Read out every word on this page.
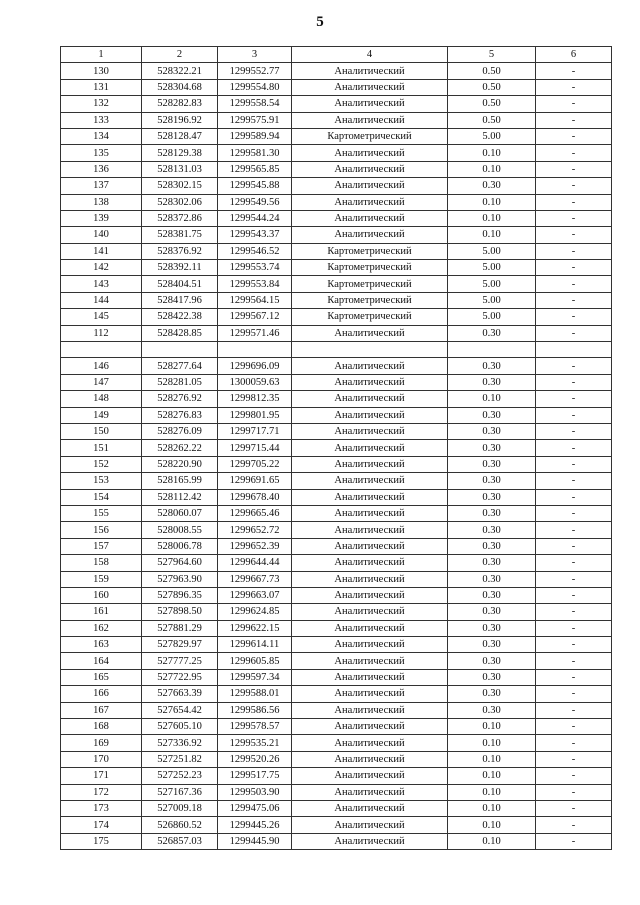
5
1	2	3	4	5	6
130	528322.21	1299552.77	Аналитический	0.50	-
131	528304.68	1299554.80	Аналитический	0.50	-
132	528282.83	1299558.54	Аналитический	0.50	-
133	528196.92	1299575.91	Аналитический	0.50	-
134	528128.47	1299589.94	Картометрический	5.00	-
135	528129.38	1299581.30	Аналитический	0.10	-
136	528131.03	1299565.85	Аналитический	0.10	-
137	528302.15	1299545.88	Аналитический	0.30	-
138	528302.06	1299549.56	Аналитический	0.10	-
139	528372.86	1299544.24	Аналитический	0.10	-
140	528381.75	1299543.37	Аналитический	0.10	-
141	528376.92	1299546.52	Картометрический	5.00	-
142	528392.11	1299553.74	Картометрический	5.00	-
143	528404.51	1299553.84	Картометрический	5.00	-
144	528417.96	1299564.15	Картометрический	5.00	-
145	528422.38	1299567.12	Картометрический	5.00	-
112	528428.85	1299571.46	Аналитический	0.30	-

146	528277.64	1299696.09	Аналитический	0.30	-
147	528281.05	1300059.63	Аналитический	0.30	-
148	528276.92	1299812.35	Аналитический	0.10	-
149	528276.83	1299801.95	Аналитический	0.30	-
150	528276.09	1299717.71	Аналитический	0.30	-
151	528262.22	1299715.44	Аналитический	0.30	-
152	528220.90	1299705.22	Аналитический	0.30	-
153	528165.99	1299691.65	Аналитический	0.30	-
154	528112.42	1299678.40	Аналитический	0.30	-
155	528060.07	1299665.46	Аналитический	0.30	-
156	528008.55	1299652.72	Аналитический	0.30	-
157	528006.78	1299652.39	Аналитический	0.30	-
158	527964.60	1299644.44	Аналитический	0.30	-
159	527963.90	1299667.73	Аналитический	0.30	-
160	527896.35	1299663.07	Аналитический	0.30	-
161	527898.50	1299624.85	Аналитический	0.30	-
162	527881.29	1299622.15	Аналитический	0.30	-
163	527829.97	1299614.11	Аналитический	0.30	-
164	527777.25	1299605.85	Аналитический	0.30	-
165	527722.95	1299597.34	Аналитический	0.30	-
166	527663.39	1299588.01	Аналитический	0.30	-
167	527654.42	1299586.56	Аналитический	0.30	-
168	527605.10	1299578.57	Аналитический	0.10	-
169	527336.92	1299535.21	Аналитический	0.10	-
170	527251.82	1299520.26	Аналитический	0.10	-
171	527252.23	1299517.75	Аналитический	0.10	-
172	527167.36	1299503.90	Аналитический	0.10	-
173	527009.18	1299475.06	Аналитический	0.10	-
174	526860.52	1299445.26	Аналитический	0.10	-
175	526857.03	1299445.90	Аналитический	0.10	-
